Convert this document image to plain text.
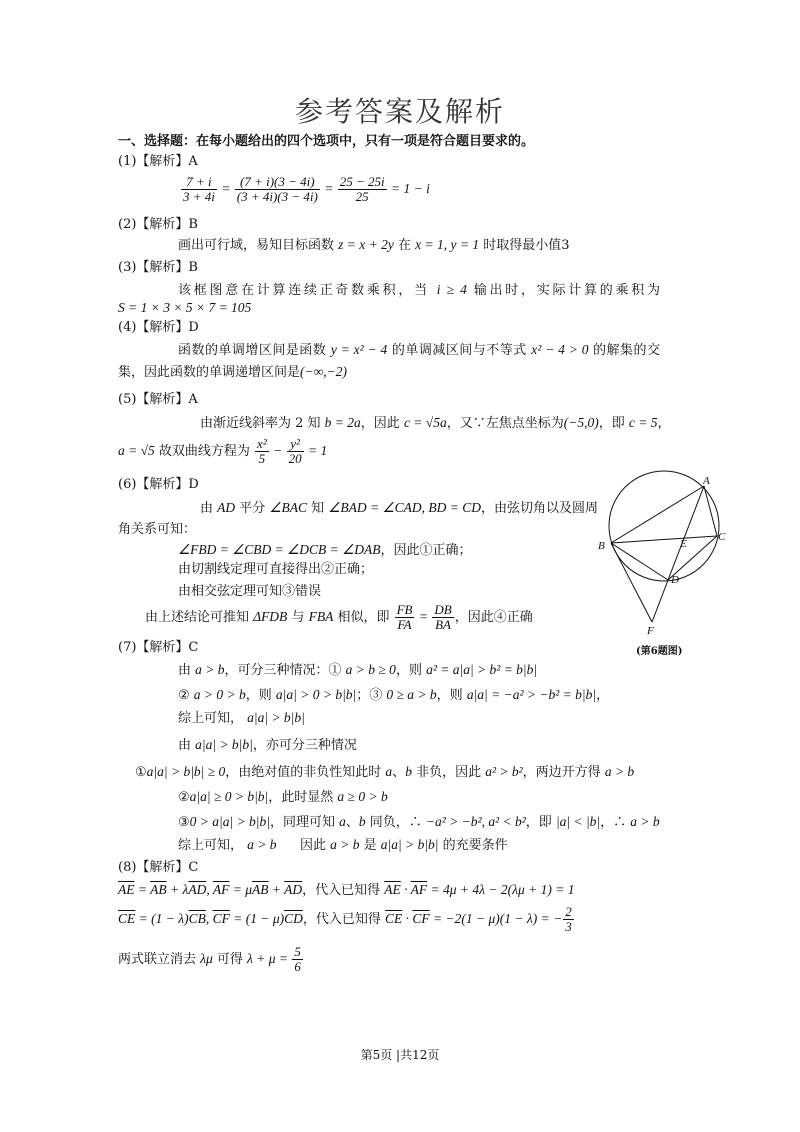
参考答案及解析
一、选择题：在每小题给出的四个选项中，只有一项是符合题目要求的。
(1)【解析】A
$\frac{7 + i}{3 + 4i} = \frac{(7 + i)(3 - 4i)}{(3 + 4i)(3 - 4i)} = \frac{25 - 25i}{25} = 1 - i$
(2)【解析】B
画出可行域，易知目标函数 z = x + 2y 在 x = 1, y = 1 时取得最小值3
(3)【解析】B
该框图意在计算连续正奇数乘积，当 i ≥ 4 输出时，实际计算的乘积为
S = 1 × 3 × 5 × 7 = 105
(4)【解析】D
函数的单调增区间是函数 y = x² − 4 的单调减区间与不等式 x² − 4 > 0 的解集的交
集，因此函数的单调递增区间是(−∞,−2)
(5)【解析】A
由渐近线斜率为 2 知 b = 2a，因此 c = √5a，又∵左焦点坐标为(−5,0)，即 c = 5，
a = √5 故双曲线方程为 $\frac{\text{x²}}{5} - \frac{\text{y²}}{20} = 1$
(6)【解析】D
由 AD 平分 ∠BAC 知 ∠BAD = ∠CAD, BD = CD，由弦切角以及圆周
角关系可知：
∠FBD = ∠CBD = ∠DCB = ∠DAB，因此①正确；
由切割线定理可直接得出②正确；
由相交弦定理可知③错误
由上述结论可推知 ΔFDB 与 FBA 相似，即 $\frac{FB}{FA} = \frac{DB}{BA}$ ，因此④正确
A
B
C
D
E
F
(第6题图)
(7)【解析】C
由 a > b，可分三种情况：① a > b ≥ 0，则 a² = a|a| > b² = b|b|
② a > 0 > b，则 a|a| > 0 > b|b|；③ 0 ≥ a > b，则 a|a| = −a² > −b² = b|b|，
综上可知， a|a| > b|b|
由 a|a| > b|b|，亦可分三种情况
①a|a| > b|b| ≥ 0，由绝对值的非负性知此时 a、b 非负，因此 a² > b²，两边开方得 a > b
②a|a| ≥ 0 > b|b|，此时显然 a ≥ 0 > b
③0 > a|a| > b|b|，同理可知 a、b 同负，∴ −a² > −b², a² < b²，即 |a| < |b|，∴ a > b
综上可知， a > b 因此 a > b 是 a|a| > b|b| 的充要条件
(8)【解析】C
$\overline{AE} = \overline{AB} + \lambda\overline{AD}$, $\overline{AF} = \mu\overline{AB} + \overline{AD}$，代入已知得 $\overline{AE} \cdot \overline{AF} = 4\mu + 4\lambda - 2(\lambda\mu + 1) = 1$
$\overline{CE} = (1 - \lambda)\overline{CB}$, $\overline{CF} = (1 - \mu)\overline{CD}$，代入已知得 $\overline{CE} \cdot \overline{CF} = -2(1 - \mu)(1 - \lambda)$ = − $\frac{2}{3}$
两式联立消去 λμ 可得 $\lambda + \mu = \frac{5}{6}$
第5页 |共12页
